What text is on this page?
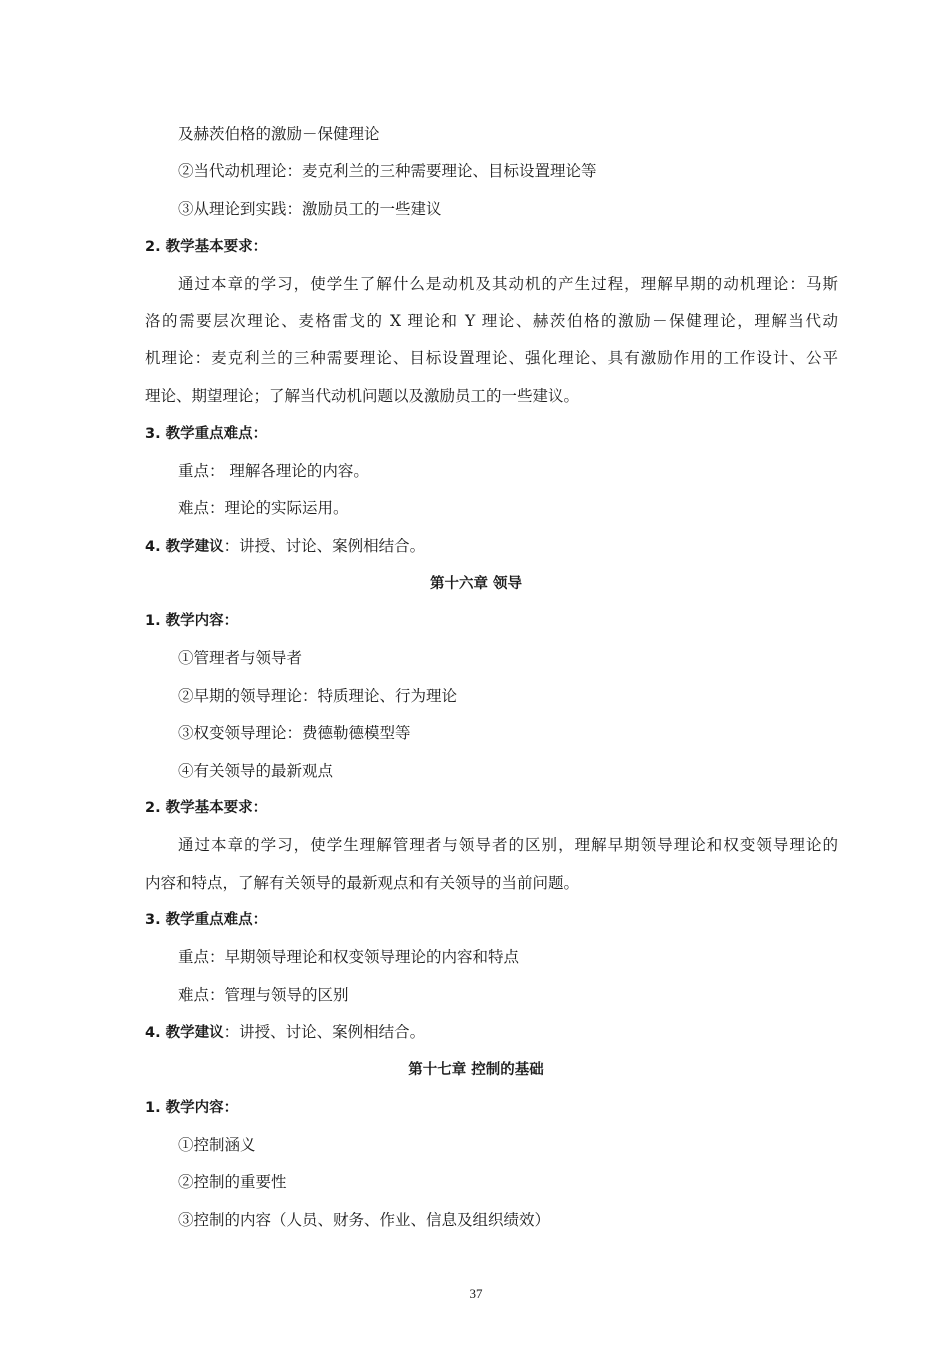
及赫茨伯格的激励－保健理论
②当代动机理论：麦克利兰的三种需要理论、目标设置理论等
③从理论到实践：激励员工的一些建议
2. 教学基本要求：
通过本章的学习，使学生了解什么是动机及其动机的产生过程，理解早期的动机理论：马斯
洛的需要层次理论、麦格雷戈的 X 理论和 Y 理论、赫茨伯格的激励－保健理论，理解当代动
机理论：麦克利兰的三种需要理论、目标设置理论、强化理论、具有激励作用的工作设计、公平
理论、期望理论；了解当代动机问题以及激励员工的一些建议。
3. 教学重点难点：
重点： 理解各理论的内容。
难点：理论的实际运用。
4. 教学建议：讲授、讨论、案例相结合。
第十六章 领导
1. 教学内容：
①管理者与领导者
②早期的领导理论：特质理论、行为理论
③权变领导理论：费德勒德模型等
④有关领导的最新观点
2. 教学基本要求：
通过本章的学习，使学生理解管理者与领导者的区别，理解早期领导理论和权变领导理论的
内容和特点，了解有关领导的最新观点和有关领导的当前问题。
3. 教学重点难点：
重点：早期领导理论和权变领导理论的内容和特点
难点：管理与领导的区别
4. 教学建议：讲授、讨论、案例相结合。
第十七章 控制的基础
1. 教学内容：
①控制涵义
②控制的重要性
③控制的内容（人员、财务、作业、信息及组织绩效）
37
